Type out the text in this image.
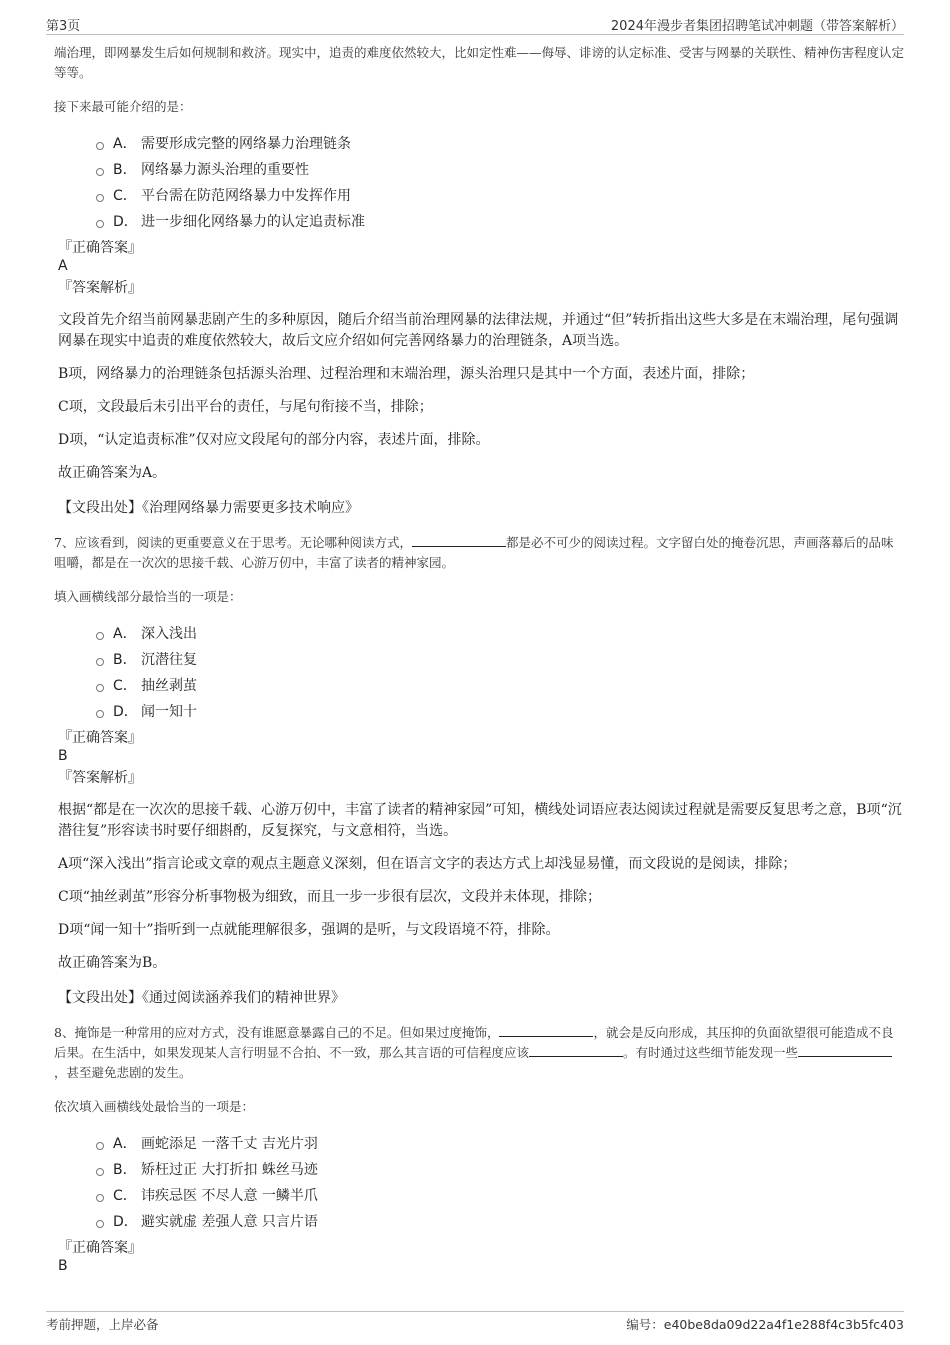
第3页	2024年漫步者集团招聘笔试冲刺题（带答案解析）

端治理，即网暴发生后如何规制和救济。现实中，追责的难度依然较大，比如定性难——侮辱、诽谤的认定标准、受害与网暴的关联性、精神伤害程度认定等等。

接下来最可能介绍的是：

A． 需要形成完整的网络暴力治理链条
B． 网络暴力源头治理的重要性
C． 平台需在防范网络暴力中发挥作用
D． 进一步细化网络暴力的认定追责标准
『正确答案』
A
『答案解析』

文段首先介绍当前网暴悲剧产生的多种原因，随后介绍当前治理网暴的法律法规，并通过“但”转折指出这些大多是在末端治理，尾句强调网暴在现实中追责的难度依然较大，故后文应介绍如何完善网络暴力的治理链条，A项当选。

B项，网络暴力的治理链条包括源头治理、过程治理和末端治理，源头治理只是其中一个方面，表述片面，排除；

C项，文段最后未引出平台的责任，与尾句衔接不当，排除；

D项，“认定追责标准”仅对应文段尾句的部分内容，表述片面，排除。

故正确答案为A。

【文段出处】《治理网络暴力需要更多技术响应》

7、应该看到，阅读的更重要意义在于思考。无论哪种阅读方式，	都是必不可少的阅读过程。文字留白处的掩卷沉思，声画落幕后的品味咀嚼，都是在一次次的思接千载、心游万仞中，丰富了读者的精神家园。

填入画横线部分最恰当的一项是：

A． 深入浅出
B． 沉潜往复
C． 抽丝剥茧
D． 闻一知十
『正确答案』
B
『答案解析』

根据“都是在一次次的思接千载、心游万仞中，丰富了读者的精神家园”可知，横线处词语应表达阅读过程就是需要反复思考之意，B项“沉潜往复”形容读书时要仔细斟酌，反复探究，与文意相符，当选。

A项“深入浅出”指言论或文章的观点主题意义深刻，但在语言文字的表达方式上却浅显易懂，而文段说的是阅读，排除；

C项“抽丝剥茧”形容分析事物极为细致，而且一步一步很有层次，文段并未体现，排除；

D项“闻一知十”指听到一点就能理解很多，强调的是听，与文段语境不符，排除。

故正确答案为B。

【文段出处】《通过阅读涵养我们的精神世界》

8、掩饰是一种常用的应对方式，没有谁愿意暴露自己的不足。但如果过度掩饰，	，就会是反向形成，其压抑的负面欲望很可能造成不良后果。在生活中，如果发现某人言行明显不合拍、不一致，那么其言语的可信程度应该	。有时通过这些细节能发现一些，甚至避免悲剧的发生。

依次填入画横线处最恰当的一项是：

A． 画蛇添足 一落千丈 吉光片羽
B． 矫枉过正 大打折扣 蛛丝马迹
C． 讳疾忌医 不尽人意 一鳞半爪
D． 避实就虚 差强人意 只言片语
『正确答案』
B
考前押题，上岸必备	编号：e40be8da09d22a4f1e288f4c3b5fc403
